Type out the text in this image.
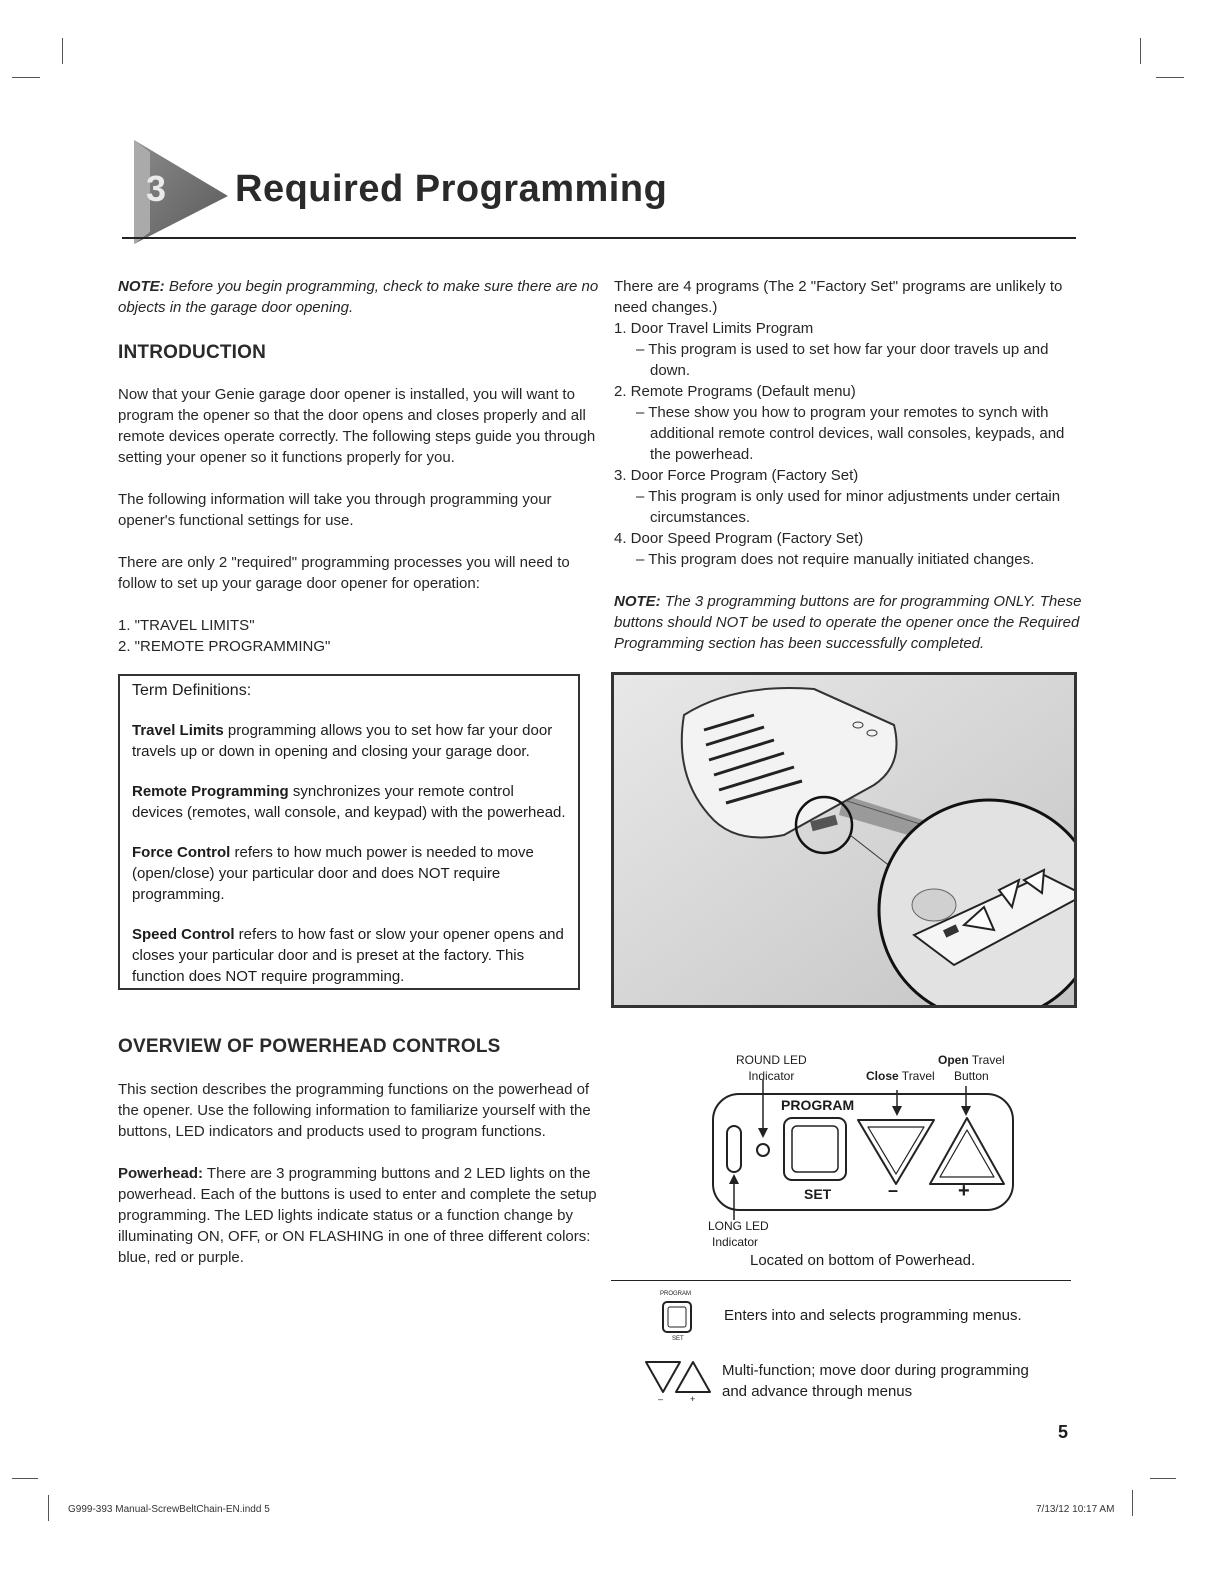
3 Required Programming

NOTE: Before you begin programming, check to make sure there are no objects in the garage door opening.

INTRODUCTION

Now that your Genie garage door opener is installed, you will want to program the opener so that the door opens and closes properly and all remote devices operate correctly. The following steps guide you through setting your opener so it functions properly for you.

The following information will take you through programming your opener's functional settings for use.

There are only 2 "required" programming processes you will need to follow to set up your garage door opener for operation:

1. "TRAVEL LIMITS"
2. "REMOTE PROGRAMMING"
Term Definitions:

Travel Limits programming allows you to set how far your door travels up or down in opening and closing your garage door.

Remote Programming synchronizes your remote control devices (remotes, wall console, and keypad) with the powerhead.

Force Control refers to how much power is needed to move (open/close) your particular door and does NOT require programming.

Speed Control refers to how fast or slow your opener opens and closes your particular door and is preset at the factory. This function does NOT require programming.

OVERVIEW OF POWERHEAD CONTROLS

This section describes the programming functions on the powerhead of the opener. Use the following information to familiarize yourself with the buttons, LED indicators and products used to program functions.

Powerhead: There are 3 programming buttons and 2 LED lights on the powerhead. Each of the buttons is used to enter and complete the setup programming. The LED lights indicate status or a function change by illuminating ON, OFF, or ON FLASHING in one of three different colors: blue, red or purple.

There are 4 programs (The 2 "Factory Set" programs are unlikely to need changes.)

1. Door Travel Limits Program
– This program is used to set how far your door travels up and down.
2. Remote Programs (Default menu)
– These show you how to program your remotes to synch with additional remote control devices, wall consoles, keypads, and the powerhead.
3. Door Force Program (Factory Set)
– This program is only used for minor adjustments under certain circumstances.
4. Door Speed Program (Factory Set)
– This program does not require manually initiated changes.

NOTE: The 3 programming buttons are for programming ONLY. These buttons should NOT be used to operate the opener once the Required Programming section has been successfully completed.

ROUND LED
Indicator	Close Travel
Open Travel
Button
PROGRAM
SET	–	+
LONG LED
Indicator
Located on bottom of Powerhead.
PROGRAM
SET
Enters into and selects programming menus.
–	+
Multi-function; move door during programming
and advance through menus
5
G999-393 Manual-ScrewBeltChain-EN.indd 5	7/13/12 10:17 AM
